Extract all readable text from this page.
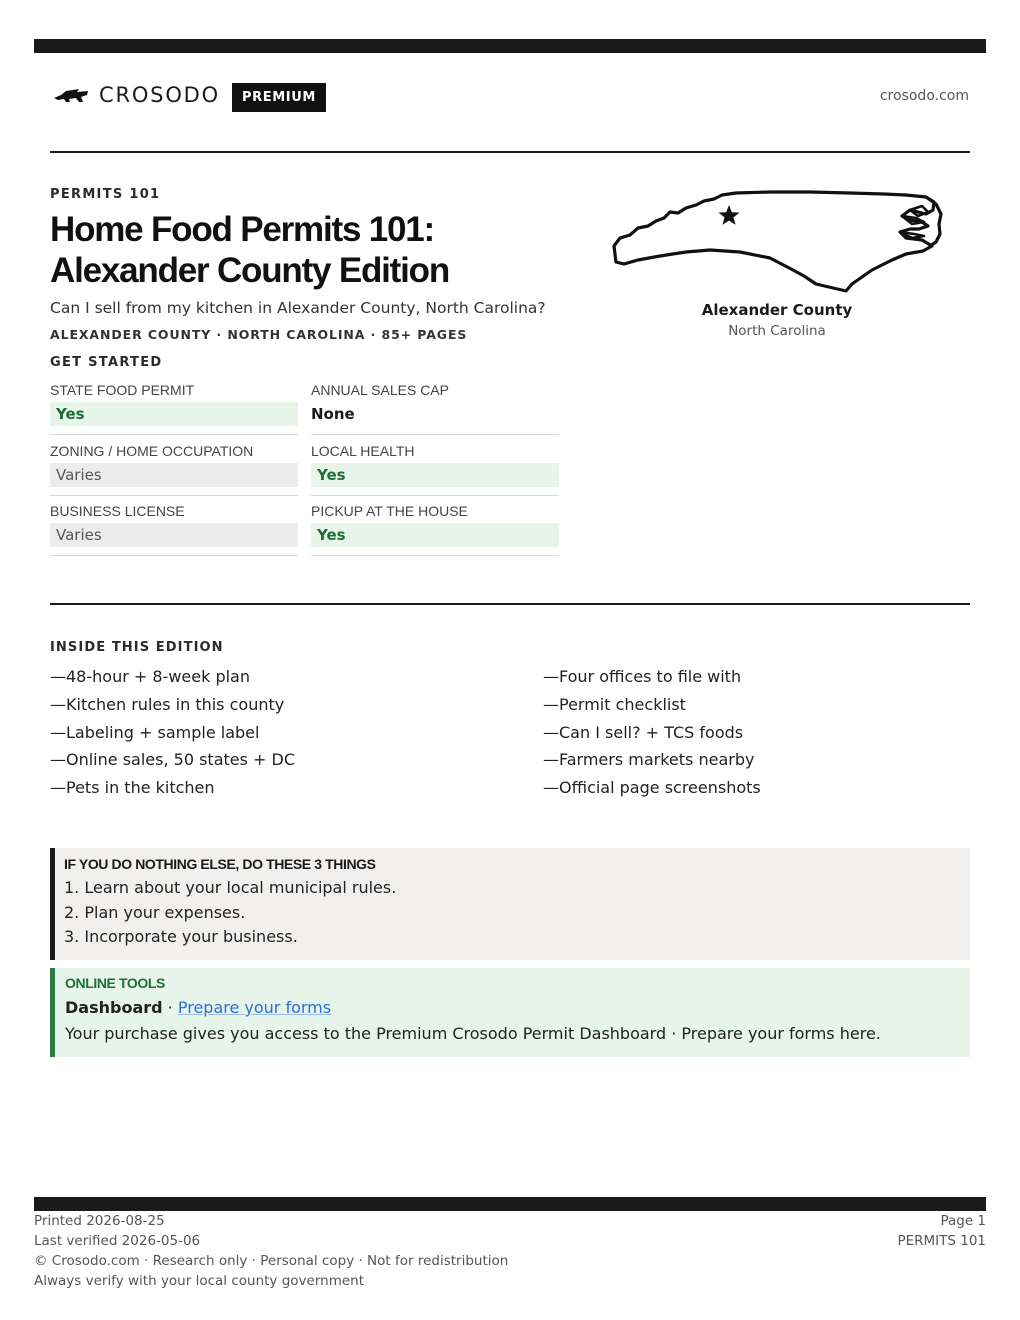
CROSODO	PREMIUM	crosodo.com
PERMITS 101
Home Food Permits 101:
Alexander County Edition
Can I sell from my kitchen in Alexander County, North Carolina?
ALEXANDER COUNTY · NORTH CAROLINA · 85+ PAGES
GET STARTED
STATE FOOD PERMIT
Yes
ANNUAL SALES CAP
None
ZONING / HOME OCCUPATION
Varies
LOCAL HEALTH
Yes
BUSINESS LICENSE
Varies
PICKUP AT THE HOUSE
Yes
Alexander County
North Carolina
INSIDE THIS EDITION
— 48-hour + 8-week plan
— Kitchen rules in this county
— Labeling + sample label
— Online sales, 50 states + DC
— Pets in the kitchen
— Four offices to file with
— Permit checklist
— Can I sell? + TCS foods
— Farmers markets nearby
— Official page screenshots
IF YOU DO NOTHING ELSE, DO THESE 3 THINGS
1. Learn about your local municipal rules.
2. Plan your expenses.
3. Incorporate your business.
ONLINE TOOLS
Dashboard · Prepare your forms
Your purchase gives you access to the Premium Crosodo Permit Dashboard · Prepare your forms here.
Printed 2026-08-25
Last verified 2026-05-06
© Crosodo.com · Research only · Personal copy · Not for redistribution
Always verify with your local county government
Page 1
PERMITS 101
